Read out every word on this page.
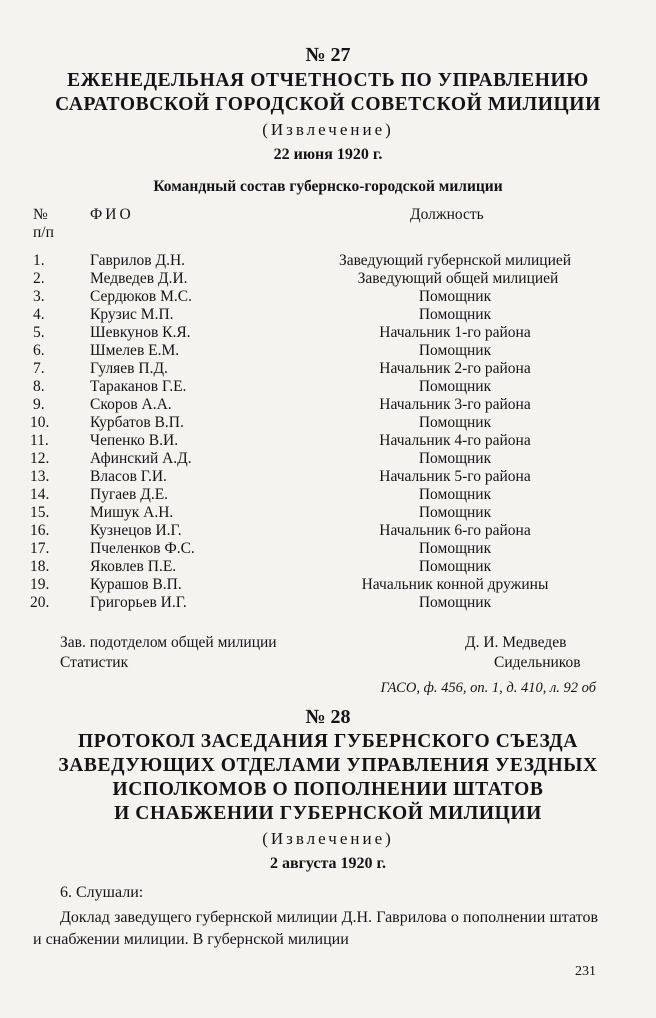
№ 27
ЕЖЕНЕДЕЛЬНАЯ ОТЧЕТНОСТЬ ПО УПРАВЛЕНИЮ
САРАТОВСКОЙ ГОРОДСКОЙ СОВЕТСКОЙ МИЛИЦИИ
(Извлечение)
22 июня 1920 г.
Командный состав губернско-городской милиции
№
п/п
ФИО	Должность
1.	Гаврилов Д.Н.	Заведующий губернской милицией
2.	Медведев Д.И.	Заведующий общей милицией
3.	Сердюков М.С.	Помощник
4.	Крузис М.П.	Помощник
5.	Шевкунов К.Я.	Начальник 1-го района
6.	Шмелев Е.М.	Помощник
7.	Гуляев П.Д.	Начальник 2-го района
8.	Тараканов Г.Е.	Помощник
9.	Скоров А.А.	Начальник 3-го района
10.	Курбатов В.П.	Помощник
11.	Чепенко В.И.	Начальник 4-го района
12.	Афинский А.Д.	Помощник
13.	Власов Г.И.	Начальник 5-го района
14.	Пугаев Д.Е.	Помощник
15.	Мишук А.Н.	Помощник
16.	Кузнецов И.Г.	Начальник 6-го района
17.	Пчеленков Ф.С.	Помощник
18.	Яковлев П.Е.	Помощник
19.	Курашов В.П.	Начальник конной дружины
20.	Григорьев И.Г.	Помощник
Зав. подотделом общей милиции	Д. И. Медведев
Статистик	Сидельников
ГАСО, ф. 456, оп. 1, д. 410, л. 92 об
№ 28
ПРОТОКОЛ ЗАСЕДАНИЯ ГУБЕРНСКОГО СЪЕЗДА
ЗАВЕДУЮЩИХ ОТДЕЛАМИ УПРАВЛЕНИЯ УЕЗДНЫХ
ИСПОЛКОМОВ О ПОПОЛНЕНИИ ШТАТОВ
И СНАБЖЕНИИ ГУБЕРНСКОЙ МИЛИЦИИ
(Извлечение)
2 августа 1920 г.
6. Слушали:
Доклад заведущего губернской милиции Д.Н. Гаврилова о пополнении штатов и снабжении милиции. В губернской милиции
231
